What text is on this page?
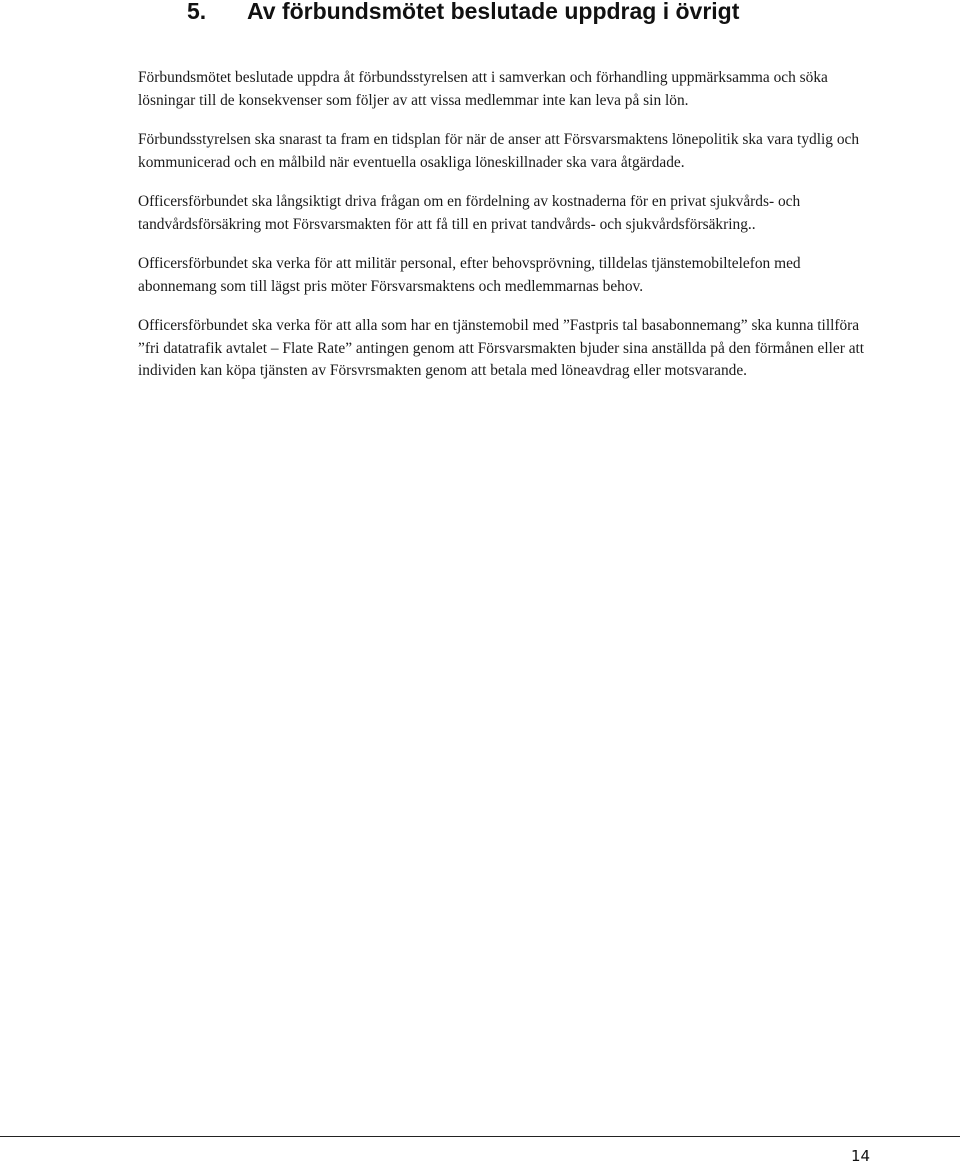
5. Av förbundsmötet beslutade uppdrag i övrigt

Förbundsmötet beslutade uppdra åt förbundsstyrelsen att i samverkan och förhandling uppmärksamma och söka lösningar till de konsekvenser som följer av att vissa medlemmar inte kan leva på sin lön.

Förbundsstyrelsen ska snarast ta fram en tidsplan för när de anser att Försvarsmaktens lönepolitik ska vara tydlig och kommunicerad och en målbild när eventuella osakliga löneskillnader ska vara åtgärdade.

Officersförbundet ska långsiktigt driva frågan om en fördelning av kostnaderna för en privat sjukvårds- och tandvårdsförsäkring mot Försvarsmakten för att få till en privat tandvårds- och sjukvårdsförsäkring..

Officersförbundet ska verka för att militär personal, efter behovsprövning, tilldelas tjänstemobiltelefon med abonnemang som till lägst pris möter Försvarsmaktens och medlemmarnas behov.

Officersförbundet ska verka för att alla som har en tjänstemobil med ”Fastpris tal basabonnemang” ska kunna tillföra ”fri datatrafik avtalet – Flate Rate” antingen genom att Försvarsmakten bjuder sina anställda på den förmånen eller att individen kan köpa tjänsten av Försvrsmakten genom att betala med löneavdrag eller motsvarande.

14
